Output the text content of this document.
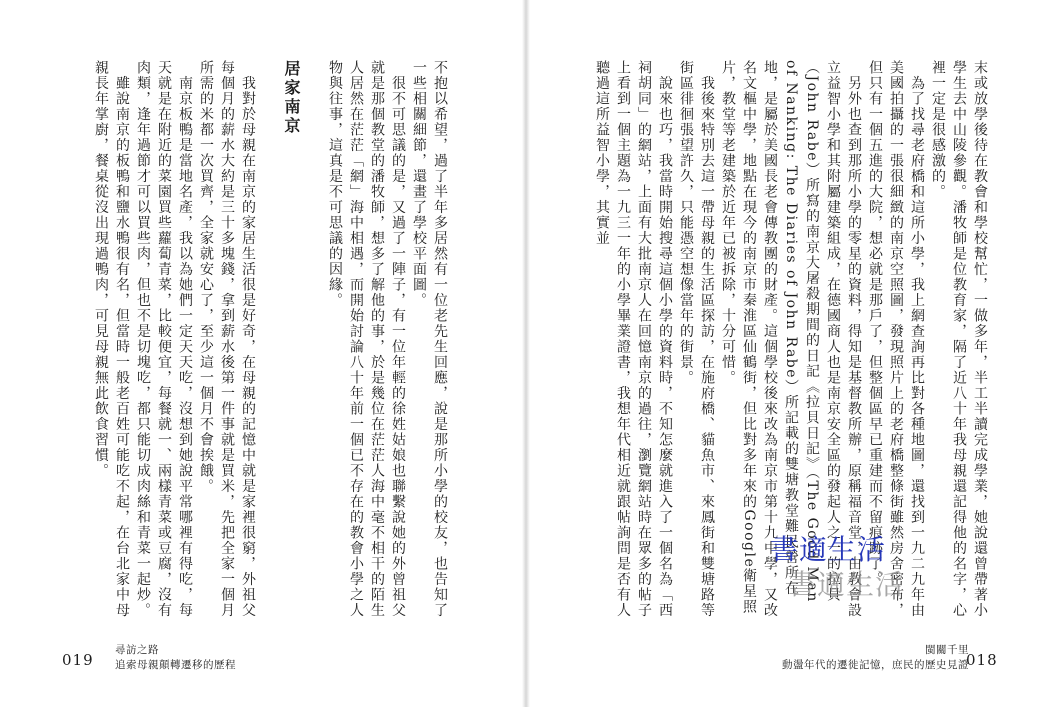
不抱以希望，過了半年多居然有一位老先生回應，說是那所小學的校友，也告知了一些相關細節，還畫了學校平面圖。
　很不可思議的是，又過了一陣子，有一位年輕的徐姓姑娘也聯繫說她的外曾祖父就是那個教堂的潘牧師，想多了解他的事，於是幾位在茫茫人海中毫不相干的陌生人居然在茫茫「網」海中相遇，而開始討論八十年前一個已不存在的教會小學之人物與往事，這真是不可思議的因緣。

居家南京

　我對於母親在南京的家居生活很是好奇，在母親的記憶中就是家裡很窮，外祖父每個月的薪水大約是三十多塊錢，拿到薪水後第一件事就是買米，先把全家一個月所需的米都一次買齊，全家就安心了，至少這一個月不會挨餓。
　南京板鴨是當地名產，我以為她們一定天天吃，沒想到她說平常哪裡有得吃，每天就是在附近的菜園買些蘿蔔青菜，比較便宜，每餐就一、兩樣青菜或豆腐，沒有肉類，逢年過節才可以買些肉，但也不是切塊吃，都只能切成肉絲和青菜一起炒。
　雖說南京的板鴨和鹽水鴨很有名，但當時一般老百姓可能吃不起，在台北家中母親長年掌廚，餐桌從沒出現過鴨肉，可見母親無此飲食習慣。	末或放學後待在教會和學校幫忙，一做多年，半工半讀完成學業，她說還曾帶著小學生去中山陵參觀。潘牧師是位教育家，隔了近八十年我母親還記得他的名字，心裡一定是很感激的。
　為了找尋老府橋和這所小學，我上網查詢再比對各種地圖，還找到一九二九年由美國拍攝的一張很細緻的南京空照圖，發現照片上的老府橋整條街雖然房舍密布，但只有一個五進的大院，想必就是那戶了，但整個區早已重建而不留痕跡了。
　另外也查到那所小學的零星的資料，得知是基督教所辦，原稱福音堂，由教會設立益智小學和其附屬建築組成，在德國商人也是南京安全區的發起人之一的拉貝（John Rabe）所寫的南京大屠殺期間的日記《拉貝日記》（The Good Man of Nanking: The Diaries of John Rabe）所記載的雙塘教堂難民營所在地，是屬於美國長老會傳教團的財產。這個學校後來改為南京市第十九中學，又改名文樞中學，地點在現今的南京市秦淮區仙鶴街，但比對多年來的Google衛星照片，教堂等老建築於近年已被拆除，十分可惜。
　我後來特別去這一帶母親的生活區探訪，在施府橋、貓魚市、來鳳街和雙塘路等街區徘徊張望許久，只能憑空想像當年的街景。
　說來也巧，我當時開始搜尋這個小學的資料時，不知怎麼就進入了一個名為「西祠胡同」的網站，上面有大批南京人在回憶南京的過往，瀏覽網站時在眾多的帖子上看到一個主題為一九三一年的小學畢業證書，我想年代相近就跟帖詢問是否有人聽過這所益智小學，其實並
019
尋訪之路
追索母親顛轉遷移的歷程	018
閩關千里
動盪年代的遷徙記憶，庶民的歷史見證
書適生活
書適生活
